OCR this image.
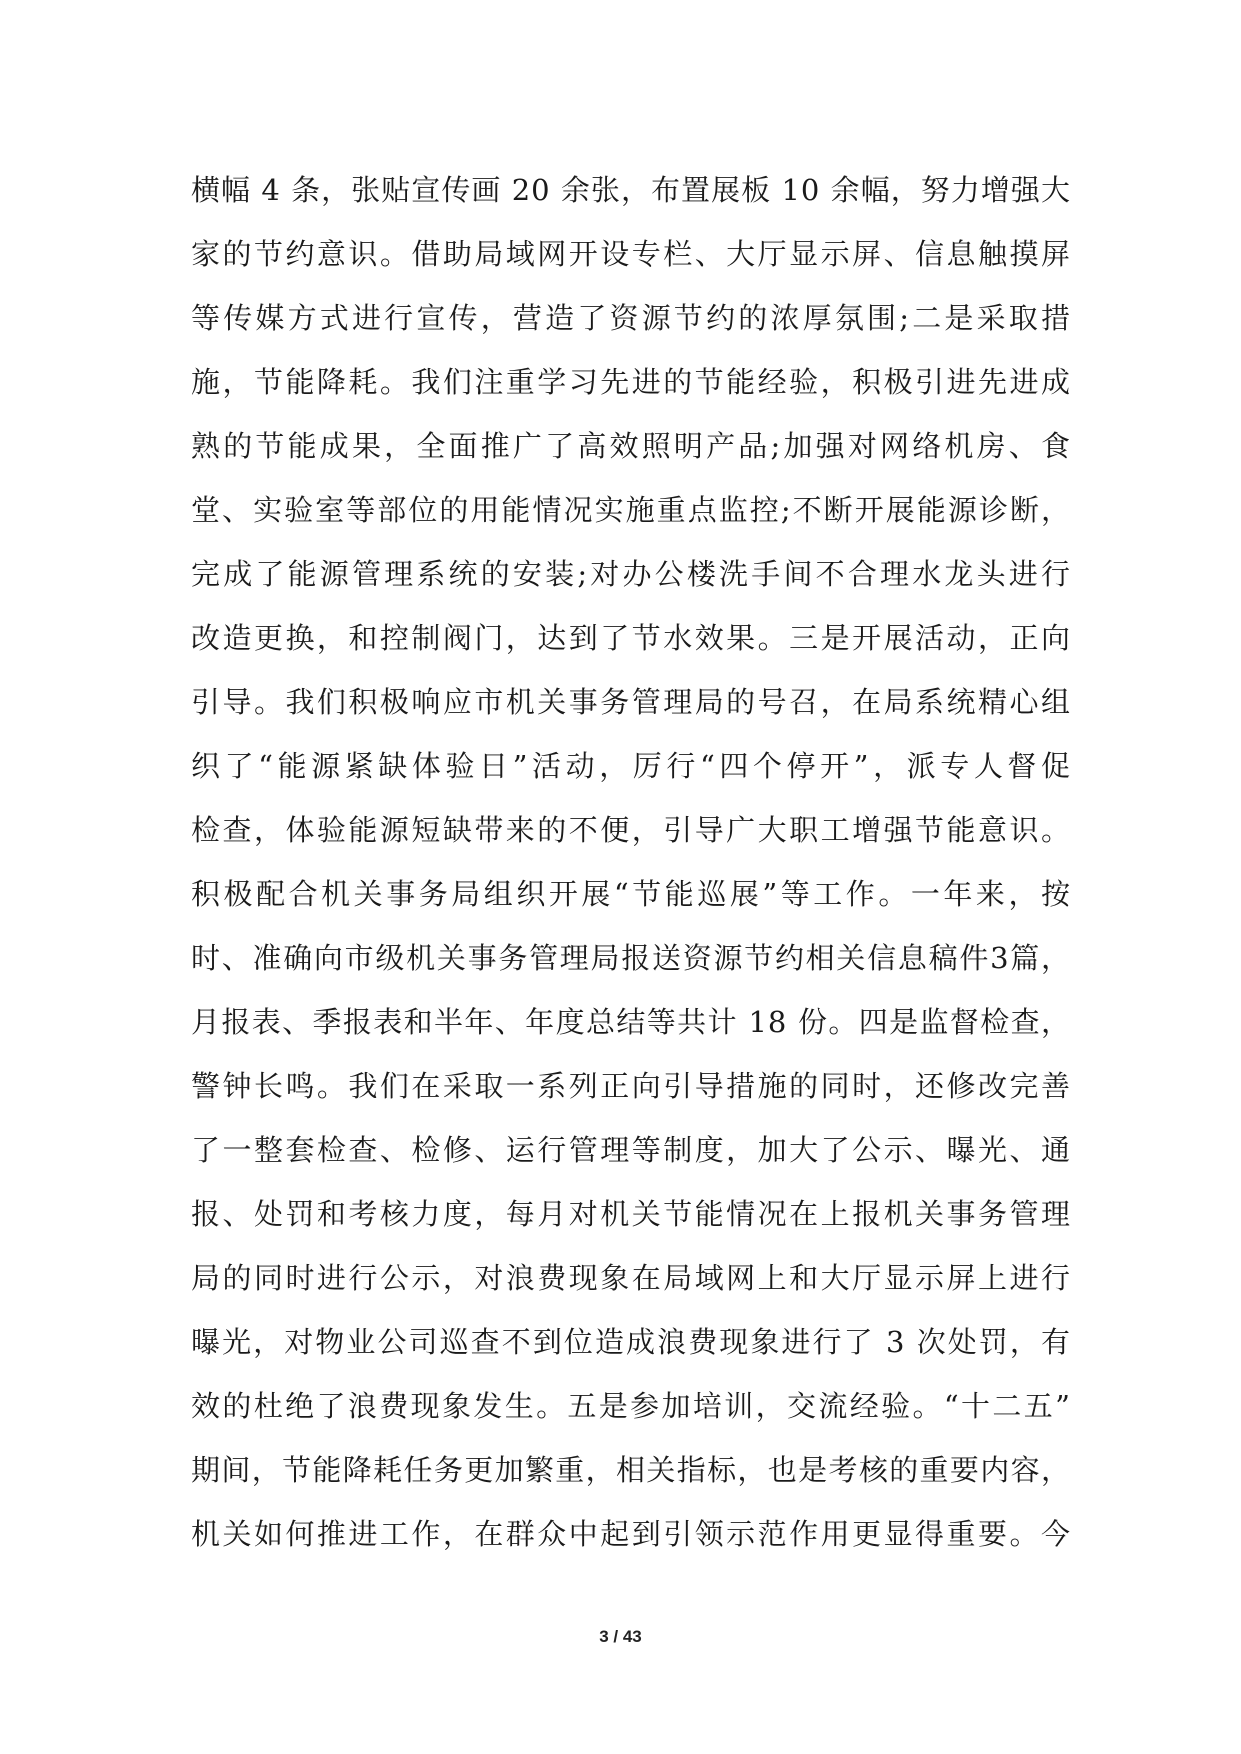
横幅 4 条，张贴宣传画 20 余张，布置展板 10 余幅，努力增强大
家的节约意识。借助局域网开设专栏、大厅显示屏、信息触摸屏
等传媒方式进行宣传，营造了资源节约的浓厚氛围;二是采取措
施，节能降耗。我们注重学习先进的节能经验，积极引进先进成
熟的节能成果，全面推广了高效照明产品;加强对网络机房、食
堂、实验室等部位的用能情况实施重点监控;不断开展能源诊断，
完成了能源管理系统的安装;对办公楼洗手间不合理水龙头进行
改造更换，和控制阀门，达到了节水效果。三是开展活动，正向
引导。我们积极响应市机关事务管理局的号召，在局系统精心组
织了“能源紧缺体验日”活动，厉行“四个停开”，派专人督促
检查，体验能源短缺带来的不便，引导广大职工增强节能意识。
积极配合机关事务局组织开展“节能巡展”等工作。一年来，按
时、准确向市级机关事务管理局报送资源节约相关信息稿件3篇，
月报表、季报表和半年、年度总结等共计 18 份。四是监督检查，
警钟长鸣。我们在采取一系列正向引导措施的同时，还修改完善
了一整套检查、检修、运行管理等制度，加大了公示、曝光、通
报、处罚和考核力度，每月对机关节能情况在上报机关事务管理
局的同时进行公示，对浪费现象在局域网上和大厅显示屏上进行
曝光，对物业公司巡查不到位造成浪费现象进行了 3 次处罚，有
效的杜绝了浪费现象发生。五是参加培训，交流经验。“十二五”
期间，节能降耗任务更加繁重，相关指标，也是考核的重要内容，
机关如何推进工作，在群众中起到引领示范作用更显得重要。今
3 / 43
